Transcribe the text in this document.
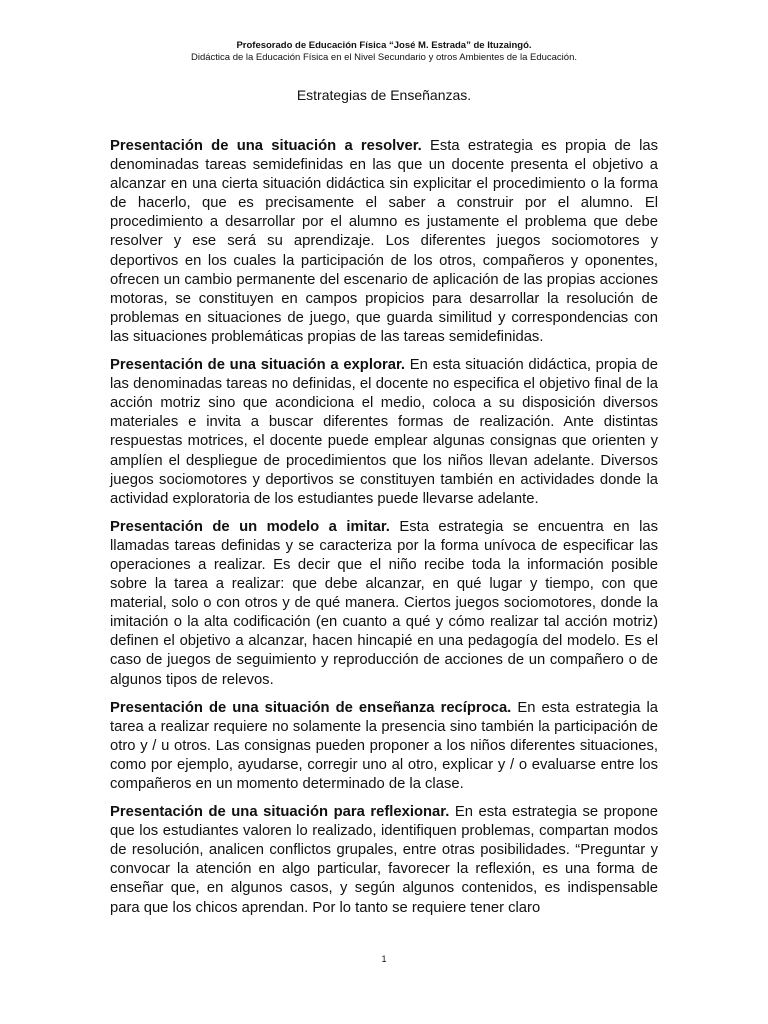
Profesorado de Educación Física “José M. Estrada” de Ituzaingó.
Didáctica de la Educación Física en el Nivel Secundario y otros Ambientes de la Educación.
Estrategias de Enseñanzas.

Presentación de una situación a resolver. Esta estrategia es propia de las denominadas tareas semidefinidas en las que un docente presenta el objetivo a alcanzar en una cierta situación didáctica sin explicitar el procedimiento o la forma de hacerlo, que es precisamente el saber a construir por el alumno. El procedimiento a desarrollar por el alumno es justamente el problema que debe resolver y ese será su aprendizaje. Los diferentes juegos sociomotores y deportivos en los cuales la participación de los otros, compañeros y oponentes, ofrecen un cambio permanente del escenario de aplicación de las propias acciones motoras, se constituyen en campos propicios para desarrollar la resolución de problemas en situaciones de juego, que guarda similitud y correspondencias con las situaciones problemáticas propias de las tareas semidefinidas.

Presentación de una situación a explorar. En esta situación didáctica, propia de las denominadas tareas no definidas, el docente no especifica el objetivo final de la acción motriz sino que acondiciona el medio, coloca a su disposición diversos materiales e invita a buscar diferentes formas de realización. Ante distintas respuestas motrices, el docente puede emplear algunas consignas que orienten y amplíen el despliegue de procedimientos que los niños llevan adelante. Diversos juegos sociomotores y deportivos se constituyen también en actividades donde la actividad exploratoria de los estudiantes puede llevarse adelante.

Presentación de un modelo a imitar. Esta estrategia se encuentra en las llamadas tareas definidas y se caracteriza por la forma unívoca de especificar las operaciones a realizar. Es decir que el niño recibe toda la información posible sobre la tarea a realizar: que debe alcanzar, en qué lugar y tiempo, con que material, solo o con otros y de qué manera. Ciertos juegos sociomotores, donde la imitación o la alta codificación (en cuanto a qué y cómo realizar tal acción motriz) definen el objetivo a alcanzar, hacen hincapié en una pedagogía del modelo. Es el caso de juegos de seguimiento y reproducción de acciones de un compañero o de algunos tipos de relevos.

Presentación de una situación de enseñanza recíproca. En esta estrategia la tarea a realizar requiere no solamente la presencia sino también la participación de otro y / u otros. Las consignas pueden proponer a los niños diferentes situaciones, como por ejemplo, ayudarse, corregir uno al otro, explicar y / o evaluarse entre los compañeros en un momento determinado de la clase.

Presentación de una situación para reflexionar. En esta estrategia se propone que los estudiantes valoren lo realizado, identifiquen problemas, compartan modos de resolución, analicen conflictos grupales, entre otras posibilidades. “Preguntar y convocar la atención en algo particular, favorecer la reflexión, es una forma de enseñar que, en algunos casos, y según algunos contenidos, es indispensable para que los chicos aprendan. Por lo tanto se requiere tener claro

1
